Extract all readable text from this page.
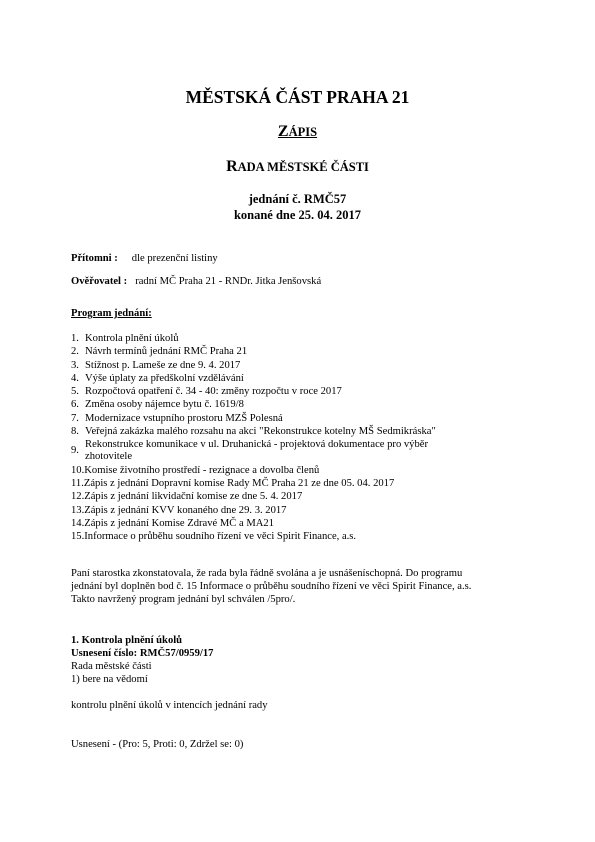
MĚSTSKÁ ČÁST PRAHA 21
ZÁPIS
RADA MĚSTSKÉ ČÁSTI
jednání č. RMČ57
konané dne 25. 04. 2017
Přítomni : dle prezenční listiny
Ověřovatel : radní MČ Praha 21 - RNDr. Jitka Jenšovská
Program jednání:
1. Kontrola plnění úkolů
2. Návrh termínů jednání RMČ Praha 21
3. Stížnost p. Lameše ze dne 9. 4. 2017
4. Výše úplaty za předškolní vzdělávání
5. Rozpočtová opatření č. 34 - 40: změny rozpočtu v roce 2017
6. Změna osoby nájemce bytu č. 1619/8
7. Modernizace vstupního prostoru MZŠ Polesná
8. Veřejná zakázka malého rozsahu na akci "Rekonstrukce kotelny MŠ Sedmikráska"
9.
Rekonstrukce komunikace v ul. Druhanická - projektová dokumentace pro výběr
zhotovitele
10.Komise životního prostředí - rezignace a dovolba členů
11.Zápis z jednání Dopravní komise Rady MČ Praha 21 ze dne 05. 04. 2017
12.Zápis z jednání likvidační komise ze dne 5. 4. 2017
13.Zápis z jednání KVV konaného dne 29. 3. 2017
14.Zápis z jednání Komise Zdravé MČ a MA21
15.Informace o průběhu soudního řízení ve věci Spirit Finance, a.s.
Paní starostka zkonstatovala, že rada byla řádně svolána a je usnášeníschopná. Do programu
jednání byl doplněn bod č. 15 Informace o průběhu soudního řízení ve věci Spirit Finance, a.s.
Takto navržený program jednání byl schválen /5pro/.
1. Kontrola plnění úkolů
Usnesení číslo: RMČ57/0959/17
Rada městské části
1) bere na vědomí
kontrolu plnění úkolů v intencích jednání rady
Usnesení - (Pro: 5, Proti: 0, Zdržel se: 0)
